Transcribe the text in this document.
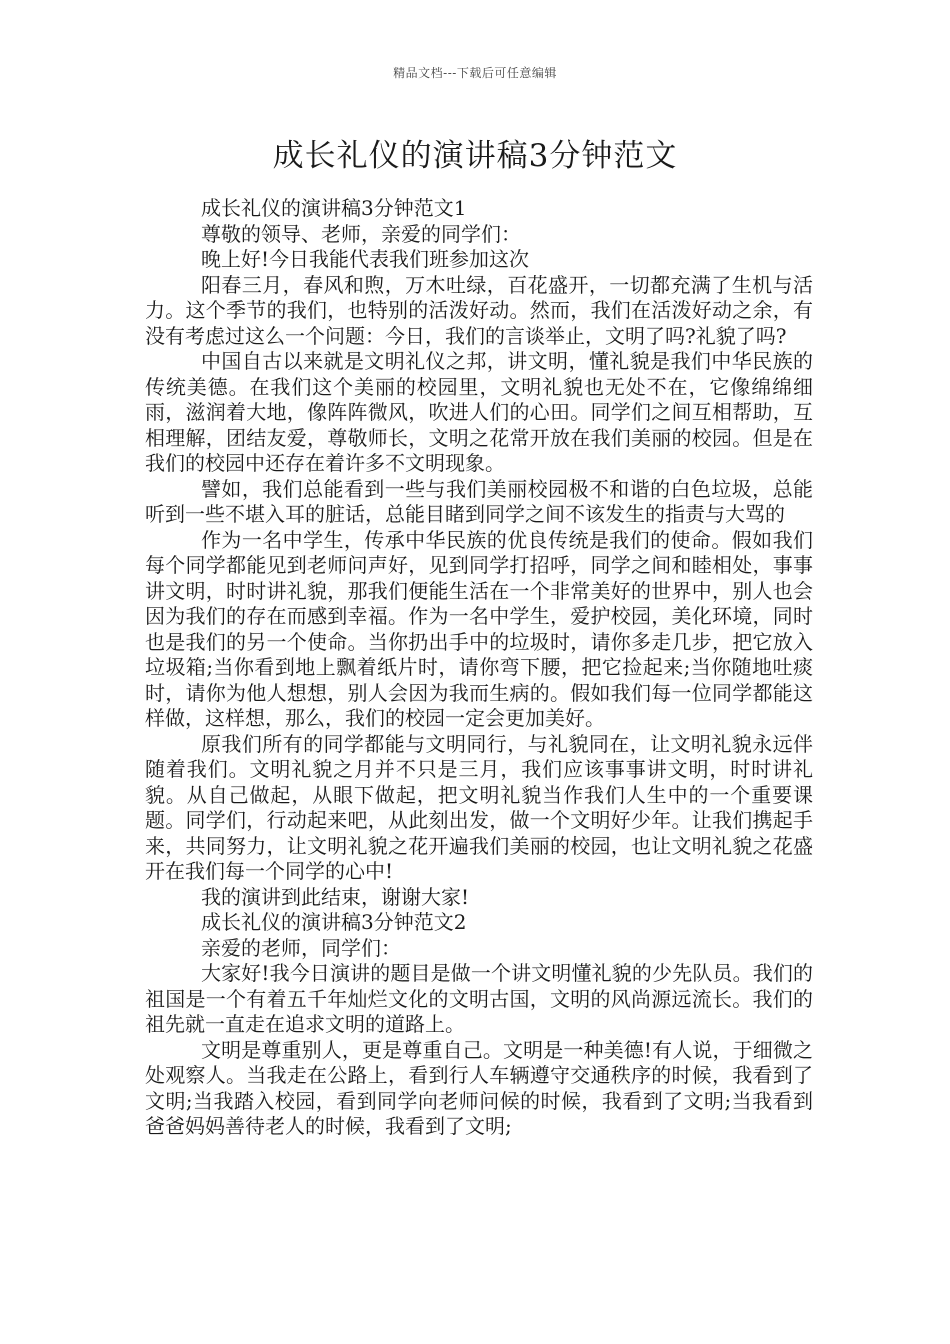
精品文档---下载后可任意编辑
成长礼仪的演讲稿3分钟范文

成长礼仪的演讲稿3分钟范文1

尊敬的领导、老师，亲爱的同学们：

晚上好!今日我能代表我们班参加这次

阳春三月，春风和煦，万木吐绿，百花盛开，一切都充满了生机与活力。这个季节的我们，也特别的活泼好动。然而，我们在活泼好动之余，有没有考虑过这么一个问题：今日，我们的言谈举止，文明了吗?礼貌了吗?

中国自古以来就是文明礼仪之邦，讲文明，懂礼貌是我们中华民族的传统美德。在我们这个美丽的校园里，文明礼貌也无处不在，它像绵绵细雨，滋润着大地，像阵阵微风，吹进人们的心田。同学们之间互相帮助，互相理解，团结友爱，尊敬师长，文明之花常开放在我们美丽的校园。但是在我们的校园中还存在着许多不文明现象。

譬如，我们总能看到一些与我们美丽校园极不和谐的白色垃圾，总能听到一些不堪入耳的脏话，总能目睹到同学之间不该发生的指责与大骂的

作为一名中学生，传承中华民族的优良传统是我们的使命。假如我们每个同学都能见到老师问声好，见到同学打招呼，同学之间和睦相处，事事讲文明，时时讲礼貌，那我们便能生活在一个非常美好的世界中，别人也会因为我们的存在而感到幸福。作为一名中学生，爱护校园，美化环境，同时也是我们的另一个使命。当你扔出手中的垃圾时，请你多走几步，把它放入垃圾箱;当你看到地上飘着纸片时，请你弯下腰，把它捡起来;当你随地吐痰时，请你为他人想想，别人会因为我而生病的。假如我们每一位同学都能这样做，这样想，那么，我们的校园一定会更加美好。

原我们所有的同学都能与文明同行，与礼貌同在，让文明礼貌永远伴随着我们。文明礼貌之月并不只是三月，我们应该事事讲文明，时时讲礼貌。从自己做起，从眼下做起，把文明礼貌当作我们人生中的一个重要课题。同学们，行动起来吧，从此刻出发，做一个文明好少年。让我们携起手来，共同努力，让文明礼貌之花开遍我们美丽的校园，也让文明礼貌之花盛开在我们每一个同学的心中!

我的演讲到此结束，谢谢大家!

成长礼仪的演讲稿3分钟范文2

亲爱的老师，同学们：

大家好!我今日演讲的题目是做一个讲文明懂礼貌的少先队员。我们的祖国是一个有着五千年灿烂文化的文明古国，文明的风尚源远流长。我们的祖先就一直走在追求文明的道路上。

文明是尊重别人，更是尊重自己。文明是一种美德!有人说，于细微之处观察人。当我走在公路上，看到行人车辆遵守交通秩序的时候，我看到了文明;当我踏入校园，看到同学向老师问候的时候，我看到了文明;当我看到爸爸妈妈善待老人的时候，我看到了文明;
